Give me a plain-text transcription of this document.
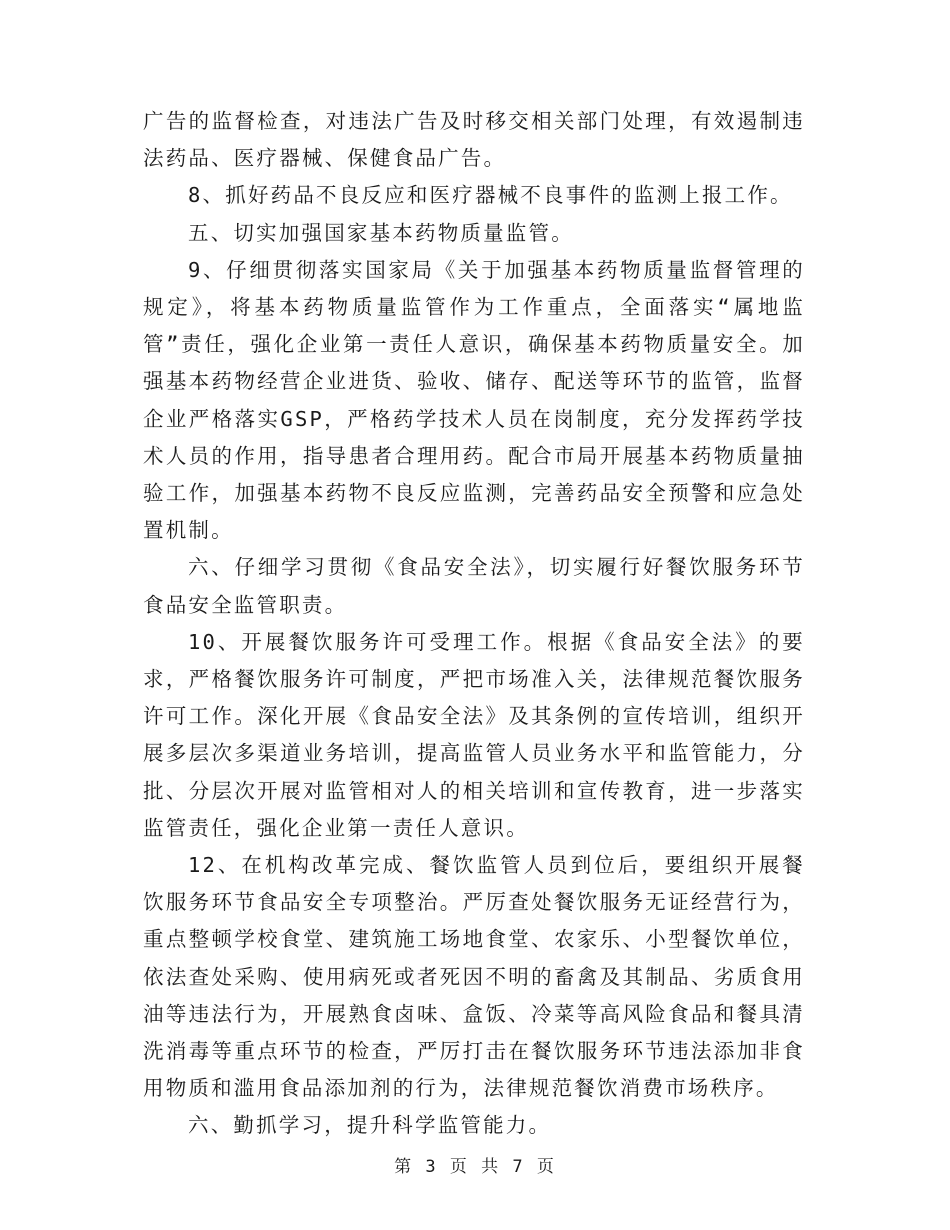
广告的监督检查，对违法广告及时移交相关部门处理，有效遏制违法药品、医疗器械、保健食品广告。

8、抓好药品不良反应和医疗器械不良事件的监测上报工作。

五、切实加强国家基本药物质量监管。

9、仔细贯彻落实国家局《关于加强基本药物质量监督管理的规定》，将基本药物质量监管作为工作重点，全面落实“属地监管”责任，强化企业第一责任人意识，确保基本药物质量安全。加强基本药物经营企业进货、验收、储存、配送等环节的监管，监督企业严格落实GSP，严格药学技术人员在岗制度，充分发挥药学技术人员的作用，指导患者合理用药。配合市局开展基本药物质量抽验工作，加强基本药物不良反应监测，完善药品安全预警和应急处置机制。

六、仔细学习贯彻《食品安全法》，切实履行好餐饮服务环节食品安全监管职责。

10、开展餐饮服务许可受理工作。根据《食品安全法》的要求，严格餐饮服务许可制度，严把市场准入关，法律规范餐饮服务许可工作。深化开展《食品安全法》及其条例的宣传培训，组织开展多层次多渠道业务培训，提高监管人员业务水平和监管能力，分批、分层次开展对监管相对人的相关培训和宣传教育，进一步落实监管责任，强化企业第一责任人意识。

12、在机构改革完成、餐饮监管人员到位后，要组织开展餐饮服务环节食品安全专项整治。严厉查处餐饮服务无证经营行为，重点整顿学校食堂、建筑施工场地食堂、农家乐、小型餐饮单位，依法查处采购、使用病死或者死因不明的畜禽及其制品、劣质食用油等违法行为，开展熟食卤味、盒饭、冷菜等高风险食品和餐具清洗消毒等重点环节的检查，严厉打击在餐饮服务环节违法添加非食用物质和滥用食品添加剂的行为，法律规范餐饮消费市场秩序。

六、勤抓学习，提升科学监管能力。

第 3 页 共 7 页
